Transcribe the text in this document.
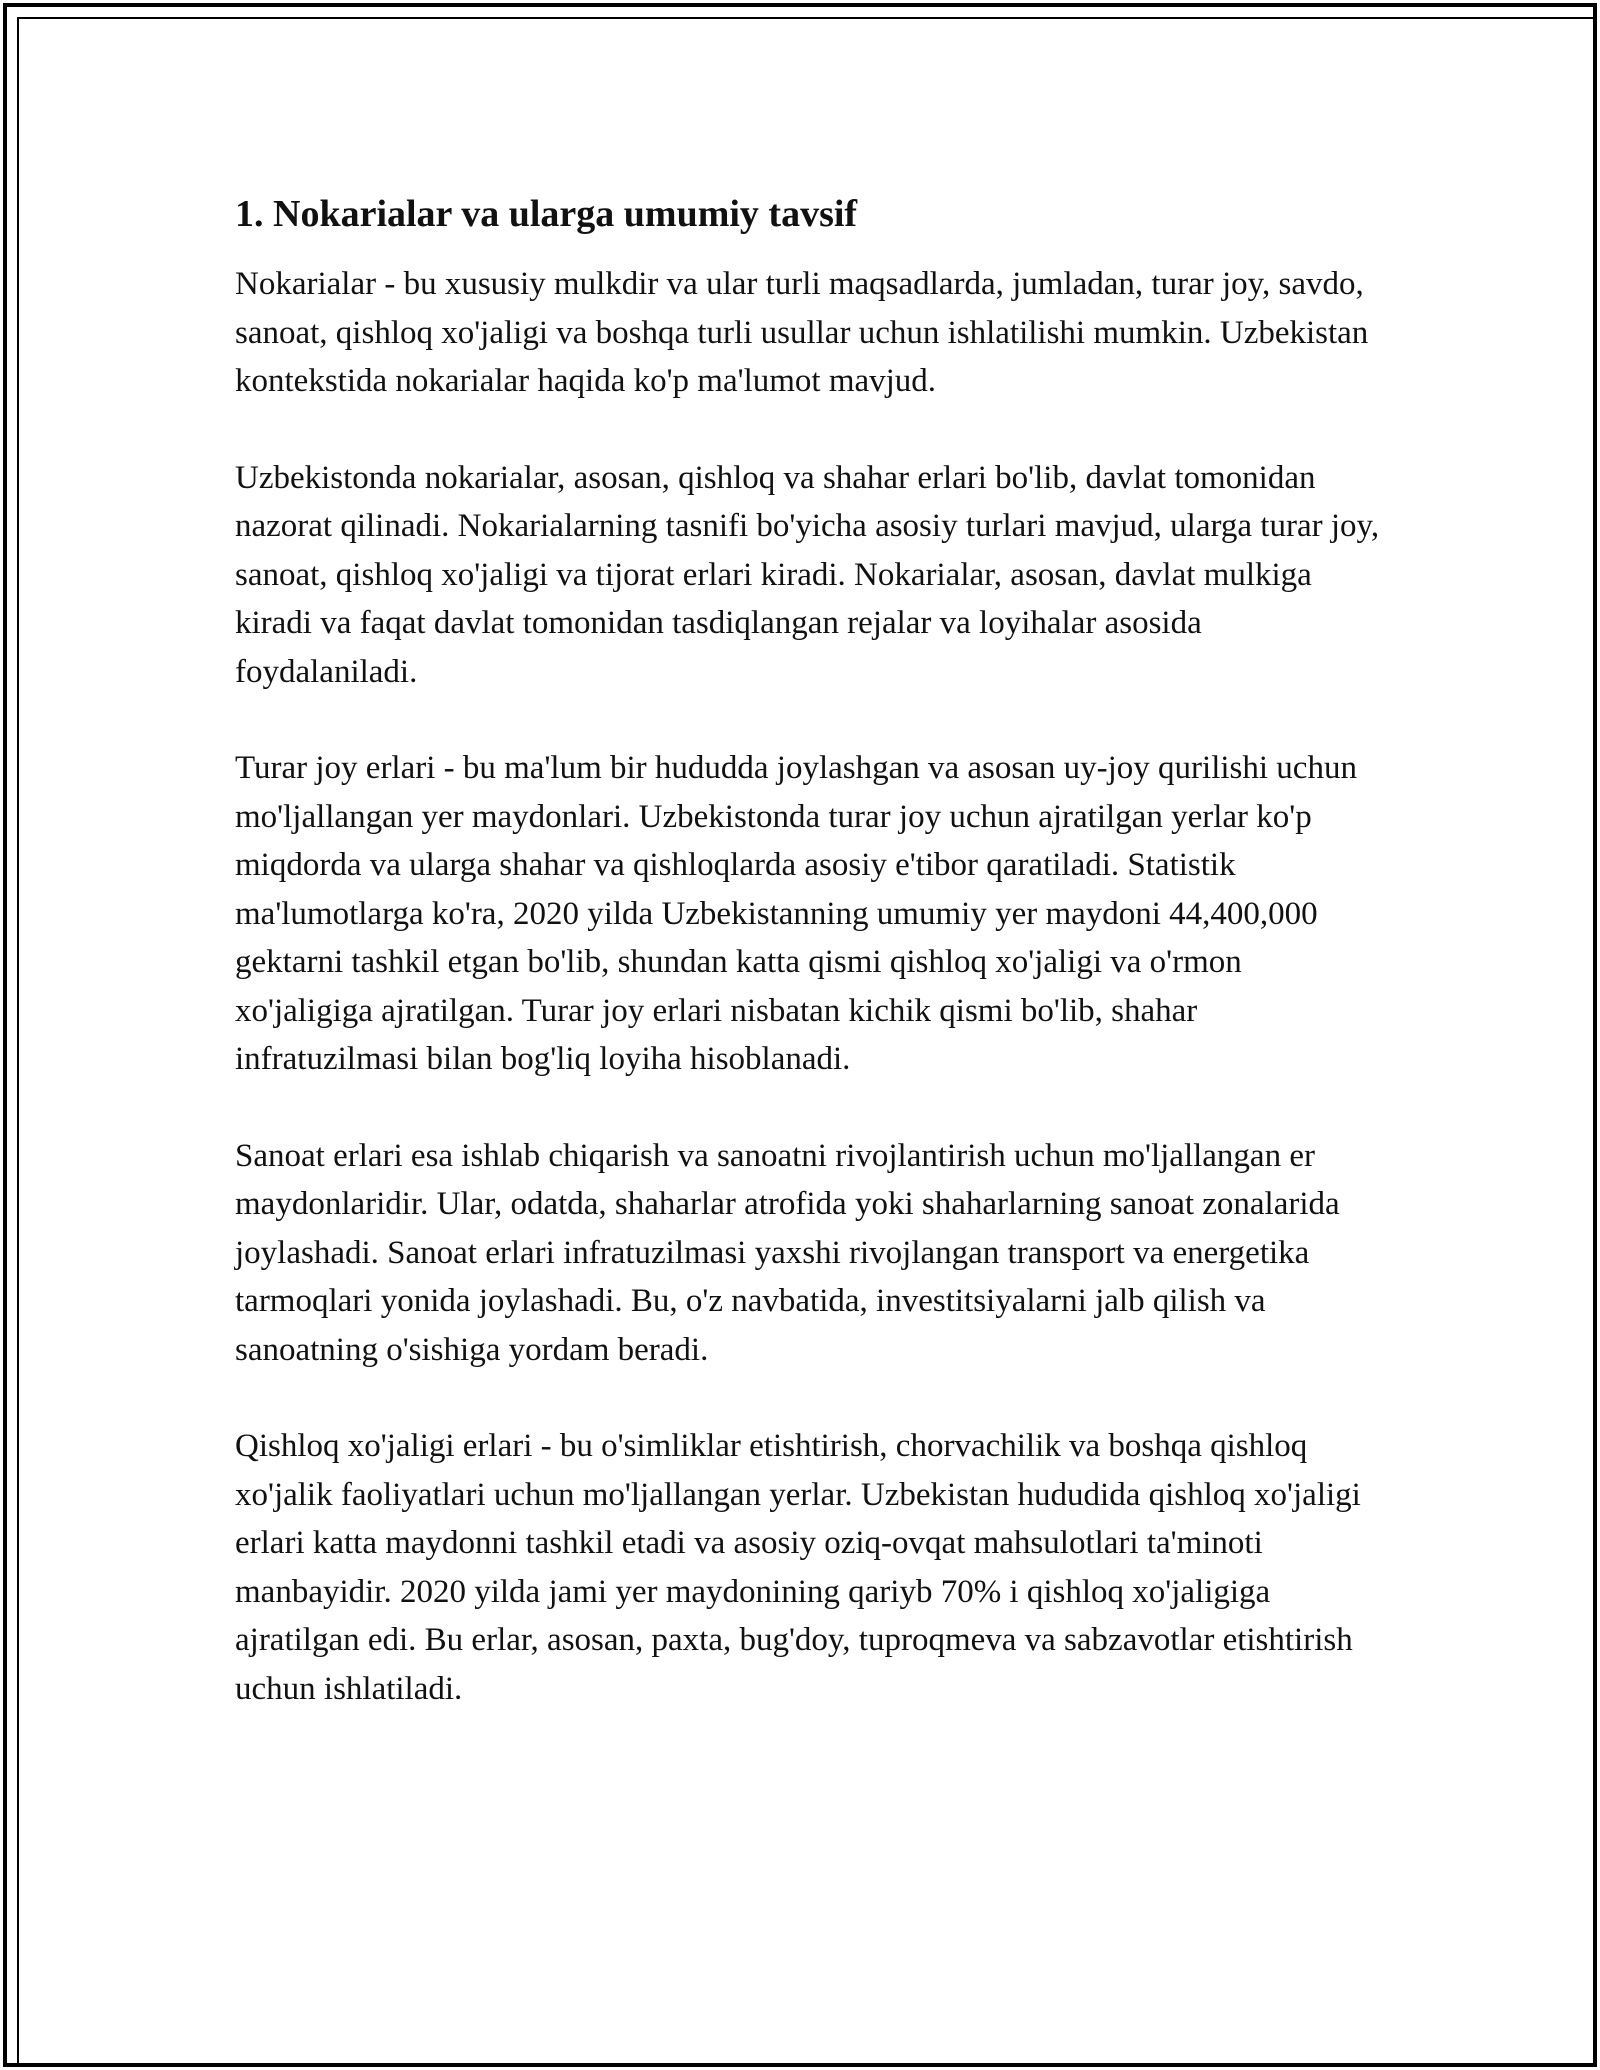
1. Nokarialar va ularga umumiy tavsif

Nokarialar - bu xususiy mulkdir va ular turli maqsadlarda, jumladan, turar joy, savdo, sanoat, qishloq xo'jaligi va boshqa turli usullar uchun ishlatilishi mumkin. Uzbekistan kontekstida nokarialar haqida ko'p ma'lumot mavjud.

Uzbekistonda nokarialar, asosan, qishloq va shahar erlari bo'lib, davlat tomonidan nazorat qilinadi. Nokarialarning tasnifi bo'yicha asosiy turlari mavjud, ularga turar joy, sanoat, qishloq xo'jaligi va tijorat erlari kiradi. Nokarialar, asosan, davlat mulkiga kiradi va faqat davlat tomonidan tasdiqlangan rejalar va loyihalar asosida foydalaniladi.

Turar joy erlari - bu ma'lum bir hududda joylashgan va asosan uy-joy qurilishi uchun mo'ljallangan yer maydonlari. Uzbekistonda turar joy uchun ajratilgan yerlar ko'p miqdorda va ularga shahar va qishloqlarda asosiy e'tibor qaratiladi. Statistik ma'lumotlarga ko'ra, 2020 yilda Uzbekistanning umumiy yer maydoni 44,400,000 gektarni tashkil etgan bo'lib, shundan katta qismi qishloq xo'jaligi va o'rmon xo'jaligiga ajratilgan. Turar joy erlari nisbatan kichik qismi bo'lib, shahar infratuzilmasi bilan bog'liq loyiha hisoblanadi.

Sanoat erlari esa ishlab chiqarish va sanoatni rivojlantirish uchun mo'ljallangan er maydonlaridir. Ular, odatda, shaharlar atrofida yoki shaharlarning sanoat zonalarida joylashadi. Sanoat erlari infratuzilmasi yaxshi rivojlangan transport va energetika tarmoqlari yonida joylashadi. Bu, o'z navbatida, investitsiyalarni jalb qilish va sanoatning o'sishiga yordam beradi.

Qishloq xo'jaligi erlari - bu o'simliklar etishtirish, chorvachilik va boshqa qishloq xo'jalik faoliyatlari uchun mo'ljallangan yerlar. Uzbekistan hududida qishloq xo'jaligi erlari katta maydonni tashkil etadi va asosiy oziq-ovqat mahsulotlari ta'minoti manbayidir. 2020 yilda jami yer maydonining qariyb 70% i qishloq xo'jaligiga ajratilgan edi. Bu erlar, asosan, paxta, bug'doy, tuproqmeva va sabzavotlar etishtirish uchun ishlatiladi.
